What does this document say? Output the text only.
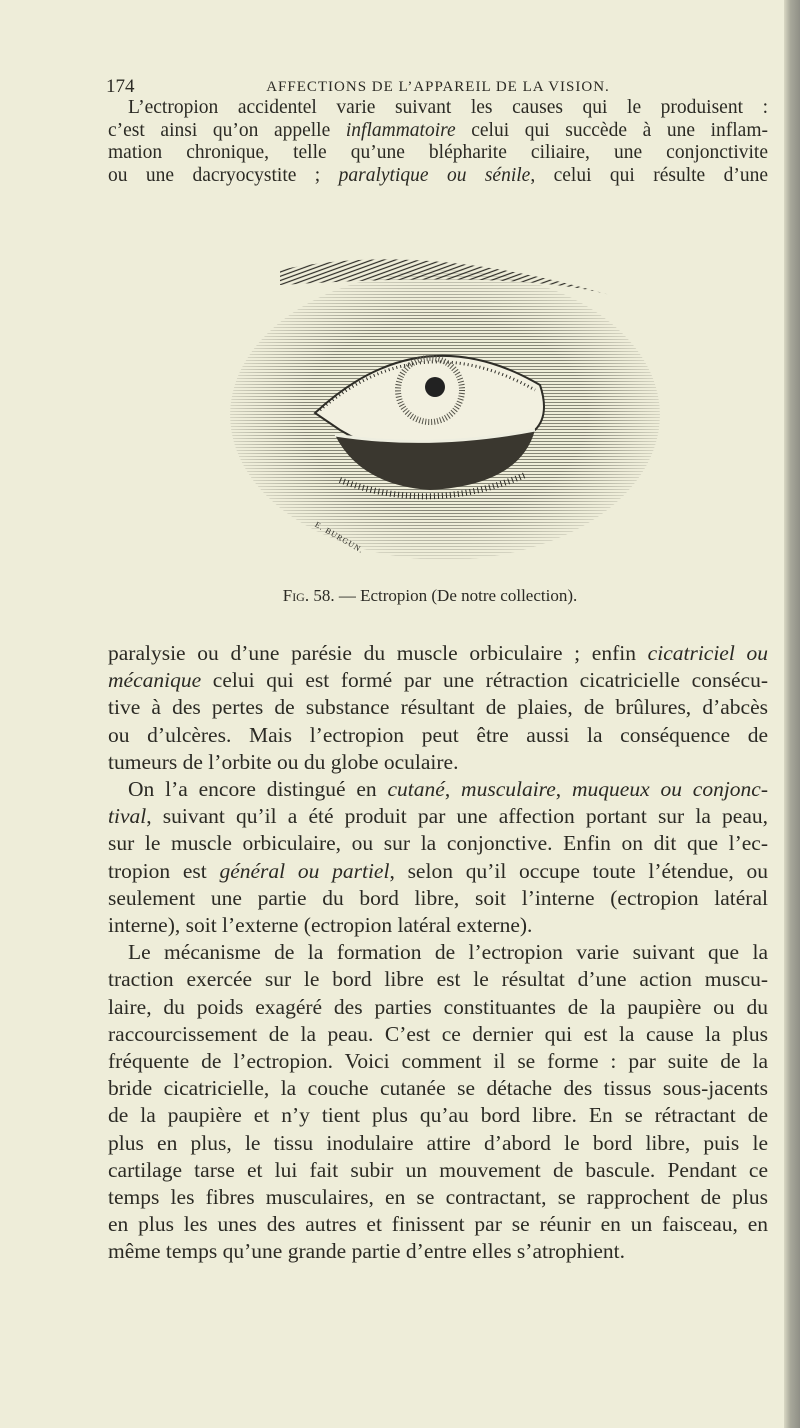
174	AFFECTIONS DE L’APPAREIL DE LA VISION.
L’ectropion accidentel varie suivant les causes qui le produisent :
c’est ainsi qu’on appelle inflammatoire celui qui succède à une inflam-
mation chronique, telle qu’une blépharite ciliaire, une conjonctivite
ou une dacryocystite ; paralytique ou sénile, celui qui résulte d’une
E. BURGUN.
Fig. 58. — Ectropion (De notre collection).
paralysie ou d’une parésie du muscle orbiculaire ; enfin cicatriciel ou
mécanique celui qui est formé par une rétraction cicatricielle consécu-
tive à des pertes de substance résultant de plaies, de brûlures, d’abcès
ou d’ulcères. Mais l’ectropion peut être aussi la conséquence de
tumeurs de l’orbite ou du globe oculaire.
On l’a encore distingué en cutané, musculaire, muqueux ou conjonc-
tival, suivant qu’il a été produit par une affection portant sur la peau,
sur le muscle orbiculaire, ou sur la conjonctive. Enfin on dit que l’ec-
tropion est général ou partiel, selon qu’il occupe toute l’étendue, ou
seulement une partie du bord libre, soit l’interne (ectropion latéral
interne), soit l’externe (ectropion latéral externe).
Le mécanisme de la formation de l’ectropion varie suivant que la
traction exercée sur le bord libre est le résultat d’une action muscu-
laire, du poids exagéré des parties constituantes de la paupière ou du
raccourcissement de la peau. C’est ce dernier qui est la cause la plus
fréquente de l’ectropion. Voici comment il se forme : par suite de la
bride cicatricielle, la couche cutanée se détache des tissus sous-jacents
de la paupière et n’y tient plus qu’au bord libre. En se rétractant de
plus en plus, le tissu inodulaire attire d’abord le bord libre, puis le
cartilage tarse et lui fait subir un mouvement de bascule. Pendant ce
temps les fibres musculaires, en se contractant, se rapprochent de plus
en plus les unes des autres et finissent par se réunir en un faisceau, en
même temps qu’une grande partie d’entre elles s’atrophient.
